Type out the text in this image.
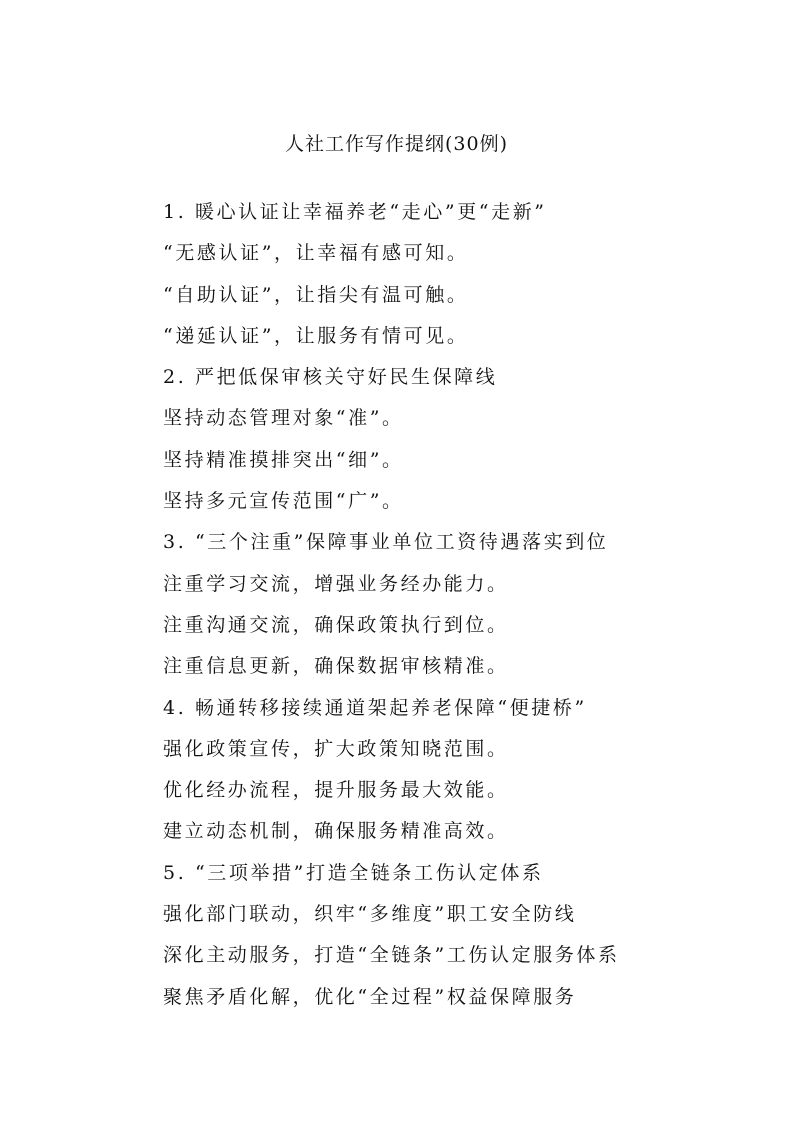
人社工作写作提纲(30例)
1. 暖心认证让幸福养老“走心”更“走新”
“无感认证”，让幸福有感可知。
“自助认证”，让指尖有温可触。
“递延认证”，让服务有情可见。
2. 严把低保审核关守好民生保障线
坚持动态管理对象“准”。
坚持精准摸排突出“细”。
坚持多元宣传范围“广”。
3. “三个注重”保障事业单位工资待遇落实到位
注重学习交流，增强业务经办能力。
注重沟通交流，确保政策执行到位。
注重信息更新，确保数据审核精准。
4. 畅通转移接续通道架起养老保障“便捷桥”
强化政策宣传，扩大政策知晓范围。
优化经办流程，提升服务最大效能。
建立动态机制，确保服务精准高效。
5. “三项举措”打造全链条工伤认定体系
强化部门联动，织牢“多维度”职工安全防线
深化主动服务，打造“全链条”工伤认定服务体系
聚焦矛盾化解，优化“全过程”权益保障服务
